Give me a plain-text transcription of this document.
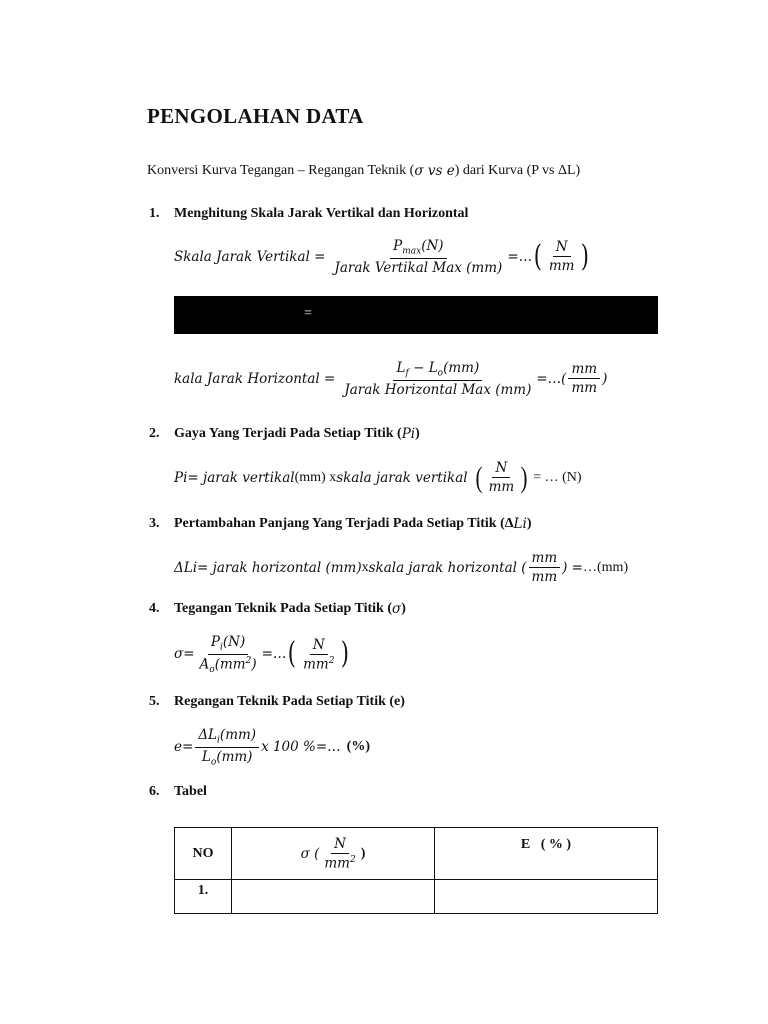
PENGOLAHAN DATA
Konversi Kurva Tegangan – Regangan Teknik ( σ vs e ) dari Kurva (P vs ΔL)
1.	Menghitung Skala Jarak Vertikal dan Horizontal
Skala Jarak Vertikal = $\frac{P_{max}(N)}{\text{Jarak Vertikal Max (mm)}}$ =… ( $\frac{N}{mm}$ )
=
kala Jarak Horizontal = $\frac{L_f - L_o(mm)}{\text{Jarak Horizontal Max (mm)}}$ =…( $\frac{mm}{mm}$ )
2.	Gaya Yang Terjadi Pada Setiap Titik ( P i )
P i = jarak vertikal (mm) x skala jarak vertikal ( $\frac{N}{mm}$ ) = … (N)
3.	Pertambahan Panjang Yang Terjadi Pada Setiap Titik (Δ L i )
ΔL i = jarak horizontal (mm) x skala jarak horizontal ( $\frac{mm}{mm}$ ) = … (mm)
4.	Tegangan Teknik Pada Setiap Titik ( σ )
$\sigma= \frac{P_i(N)}{A_o(mm^2)}$ =… ( $\frac{N}{mm^2}$ )
5.	Regangan Teknik Pada Setiap Titik (e)
$e= \frac{\Delta L_i(mm)}{L_o(mm)}$ x 100 %=… (%)
6.	Tabel
NO	σ ( $\frac{N}{mm^2}$ )	E   ( % )
1.		
